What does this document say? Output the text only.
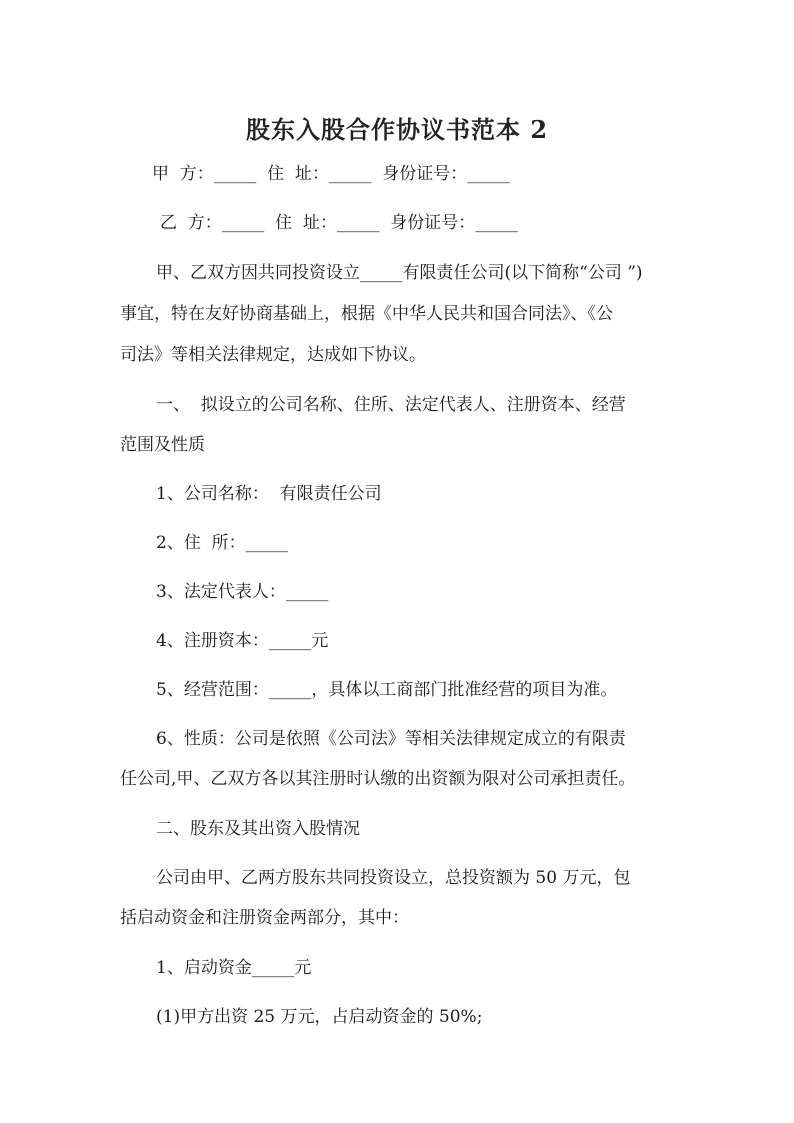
股东入股合作协议书范本 2
甲  方：_____  住  址：_____  身份证号：_____
乙  方：_____  住  址：_____  身份证号：_____
甲、乙双方因共同投资设立_____有限责任公司(以下简称“公司 ”)
事宜，特在友好协商基础上，根据《中华人民共和国合同法》、《公
司法》等相关法律规定，达成如下协议。
一、  拟设立的公司名称、住所、法定代表人、注册资本、经营
范围及性质
1、公司名称：  有限责任公司
2、住  所：_____
3、法定代表人：_____
4、注册资本：_____元
5、经营范围：_____，具体以工商部门批准经营的项目为准。
6、性质：公司是依照《公司法》等相关法律规定成立的有限责
任公司,甲、乙双方各以其注册时认缴的出资额为限对公司承担责任。
二、股东及其出资入股情况
公司由甲、乙两方股东共同投资设立，总投资额为 50 万元，包
括启动资金和注册资金两部分，其中：
1、启动资金_____元
(1)甲方出资 25 万元，占启动资金的 50%;
